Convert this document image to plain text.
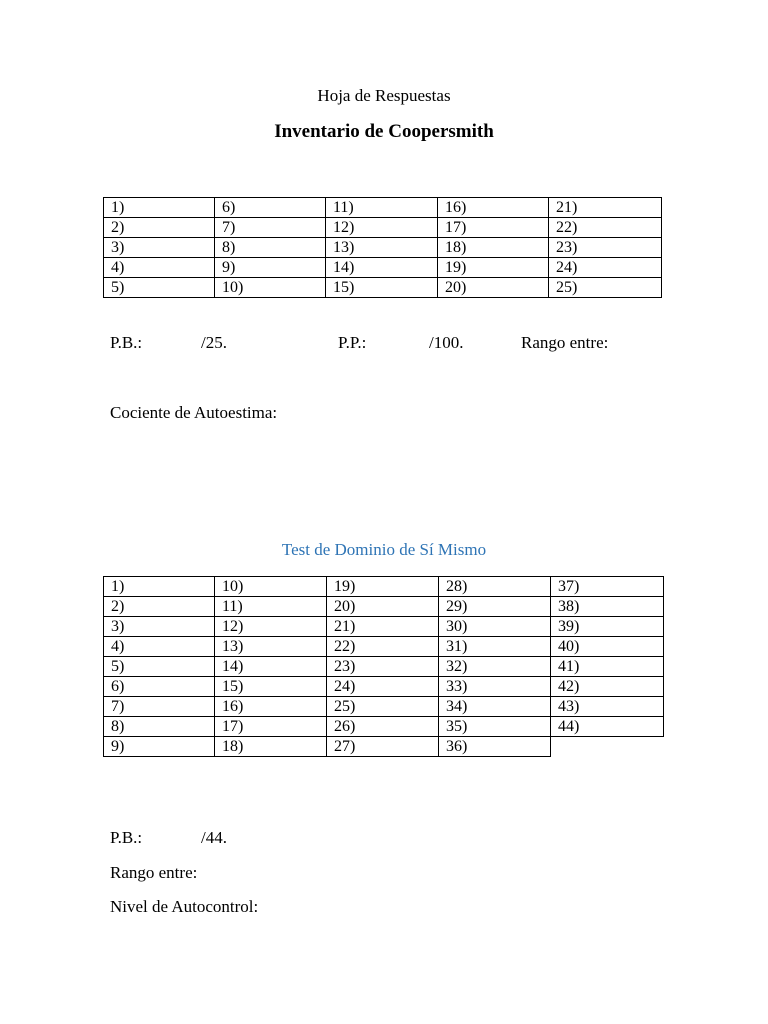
Hoja de Respuestas
Inventario de Coopersmith
1)	6)	11)	16)	21)
2)	7)	12)	17)	22)
3)	8)	13)	18)	23)
4)	9)	14)	19)	24)
5)	10)	15)	20)	25)
P.B.:	/25.	P.P.:	/100.	Rango entre:
Cociente de Autoestima:
Test de Dominio de Sí Mismo
1)	10)	19)	28)	37)
2)	11)	20)	29)	38)
3)	12)	21)	30)	39)
4)	13)	22)	31)	40)
5)	14)	23)	32)	41)
6)	15)	24)	33)	42)
7)	16)	25)	34)	43)
8)	17)	26)	35)	44)
9)	18)	27)	36)	
P.B.:	/44.
Rango entre:
Nivel de Autocontrol:
